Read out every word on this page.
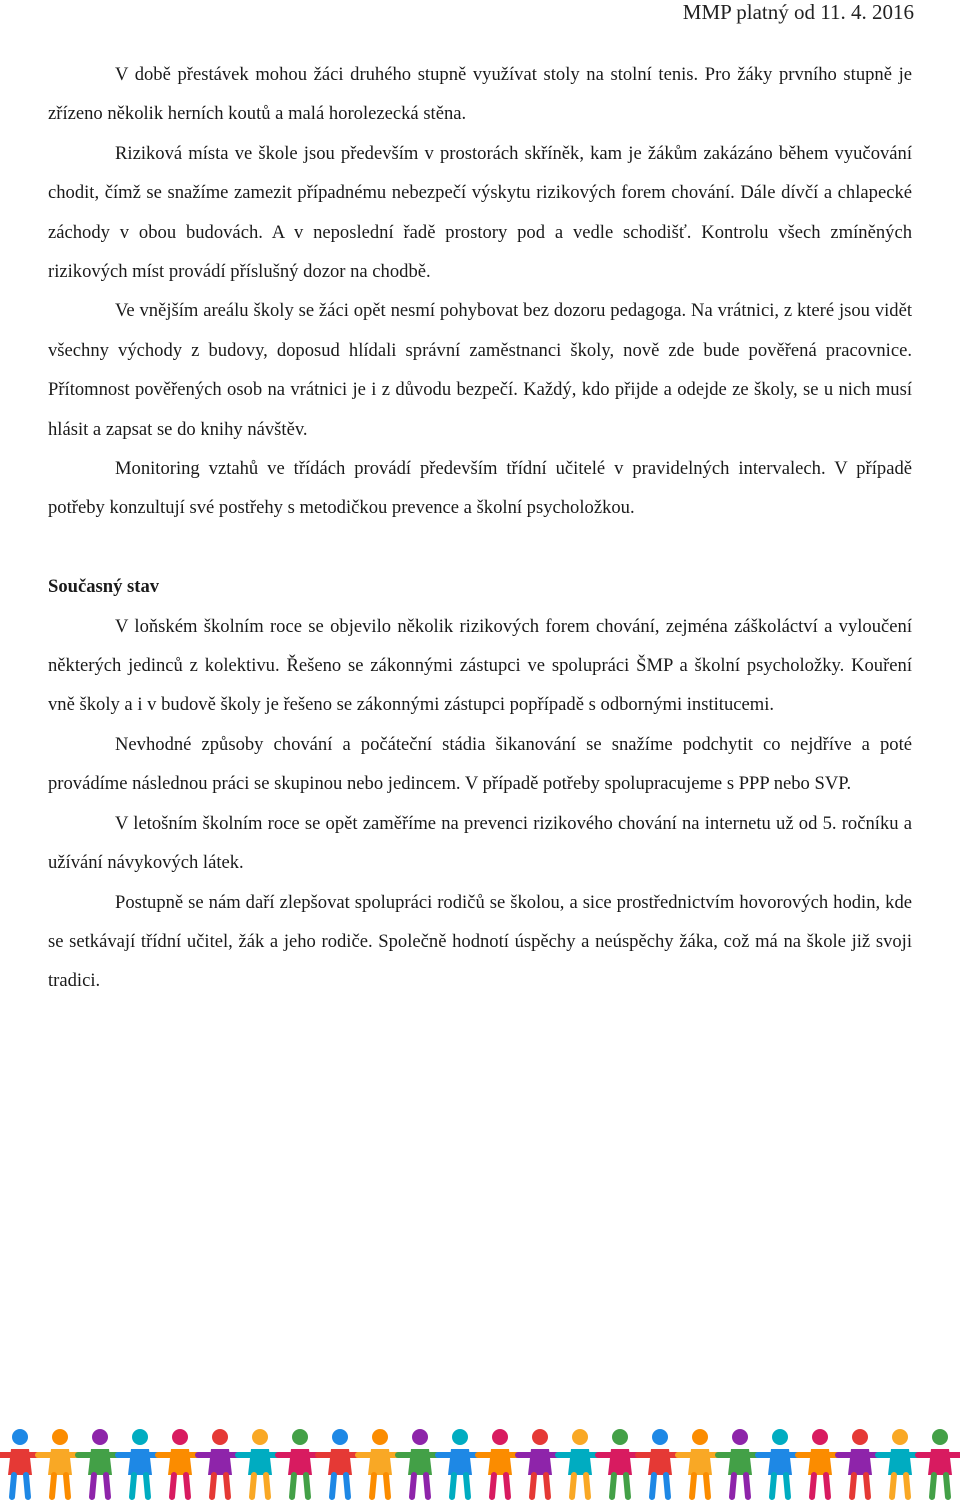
MMP platný od 11. 4. 2016

V době přestávek mohou žáci druhého stupně využívat stoly na stolní tenis. Pro žáky prvního stupně je zřízeno několik herních koutů a malá horolezecká stěna.

Riziková místa ve škole jsou především v prostorách skříněk, kam je žákům zakázáno během vyučování chodit, čímž se snažíme zamezit případnému nebezpečí výskytu rizikových forem chování. Dále dívčí a chlapecké záchody v obou budovách. A v neposlední řadě prostory pod a vedle schodišť. Kontrolu všech zmíněných rizikových míst provádí příslušný dozor na chodbě.

Ve vnějším areálu školy se žáci opět nesmí pohybovat bez dozoru pedagoga. Na vrátnici, z které jsou vidět všechny východy z budovy, doposud hlídali správní zaměstnanci školy, nově zde bude pověřená pracovnice. Přítomnost pověřených osob na vrátnici je i z důvodu bezpečí. Každý, kdo přijde a odejde ze školy, se u nich musí hlásit a zapsat se do knihy návštěv.

Monitoring vztahů ve třídách provádí především třídní učitelé v pravidelných intervalech. V případě potřeby konzultují své postřehy s metodičkou prevence a školní psycholožkou.

Současný stav

V loňském školním roce se objevilo několik rizikových forem chování, zejména záškoláctví a vyloučení některých jedinců z kolektivu. Řešeno se zákonnými zástupci ve spolupráci ŠMP a školní psycholožky. Kouření vně školy a i v budově školy je řešeno se zákonnými zástupci popřípadě s odbornými institucemi.

Nevhodné způsoby chování a počáteční stádia šikanování se snažíme podchytit co nejdříve a poté provádíme následnou práci se skupinou nebo jedincem. V případě potřeby spolupracujeme s PPP nebo SVP.

V letošním školním roce se opět zaměříme na prevenci rizikového chování na internetu už od 5. ročníku a užívání návykových látek.

Postupně se nám daří zlepšovat spolupráci rodičů se školou, a sice prostřednictvím hovorových hodin, kde se setkávají třídní učitel, žák a jeho rodiče. Společně hodnotí úspěchy a neúspěchy žáka, což má na škole již svoji tradici.
